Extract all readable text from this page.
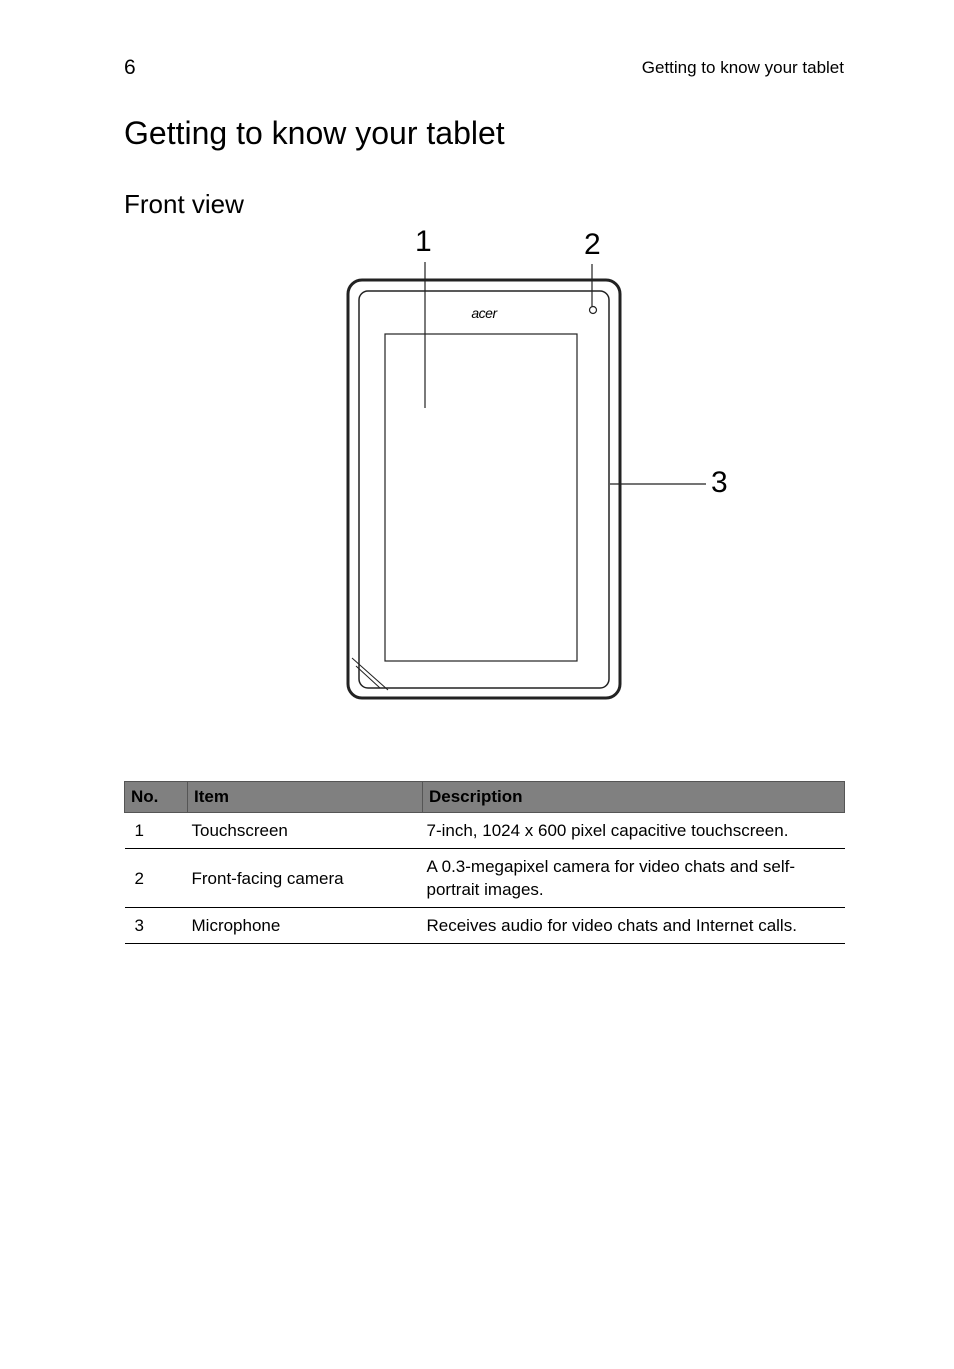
6	Getting to know your tablet
Getting to know your tablet
Front view
acer
1	2
3
No.	Item	Description
1	Touchscreen	7-inch, 1024 x 600 pixel capacitive touchscreen.
2	Front-facing camera	A 0.3-megapixel camera for video chats and self-portrait images.
3	Microphone	Receives audio for video chats and Internet calls.
